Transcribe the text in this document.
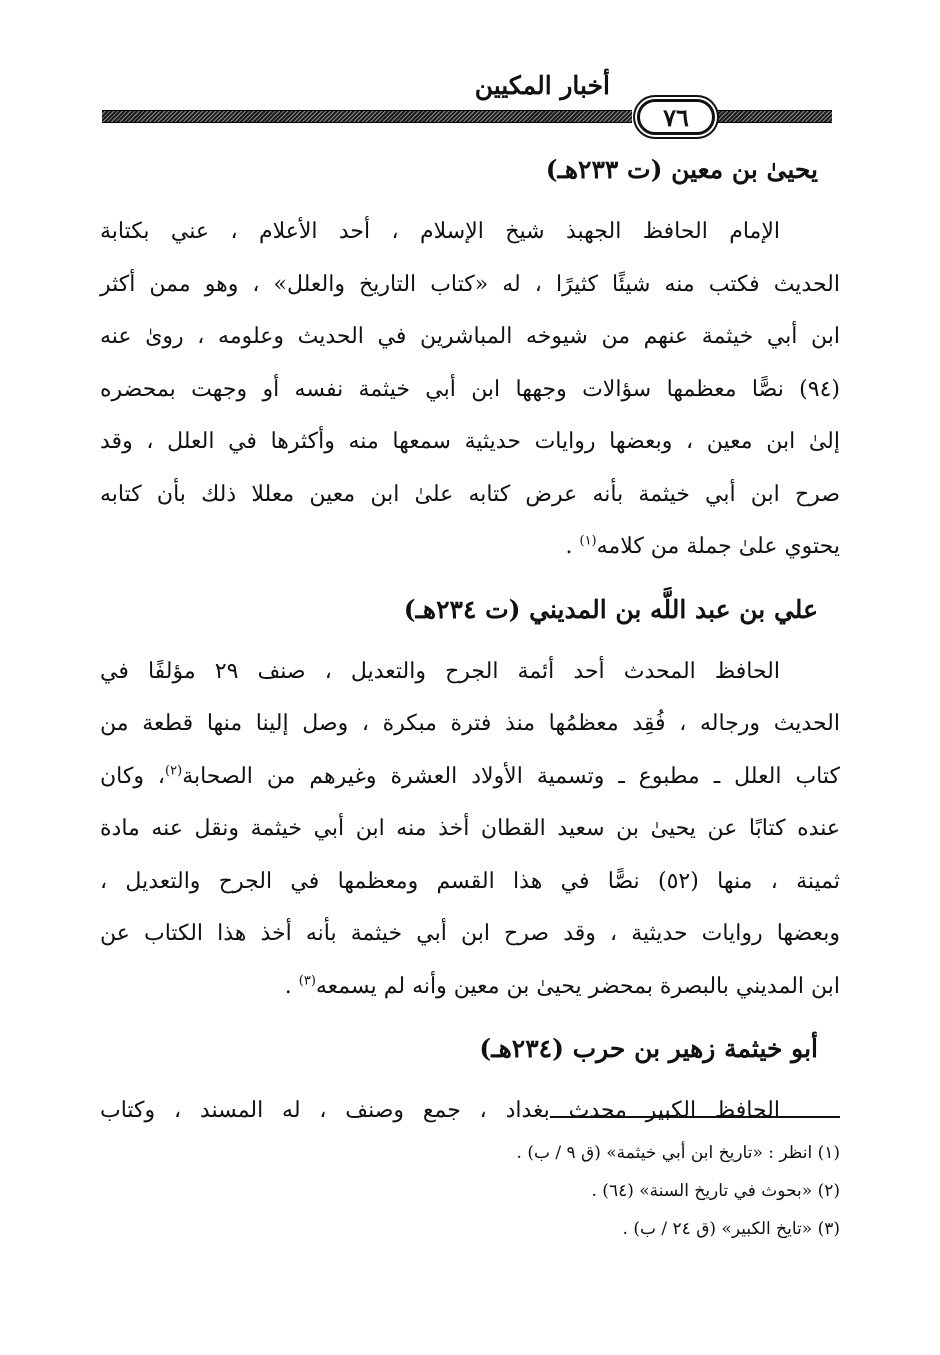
أخبار المكيين
٧٦
يحيىٰ بن معين (ت ٢٣٣هـ)

الإمام الحافظ الجهبذ شيخ الإسلام ، أحد الأعلام ، عني بكتابة
الحديث فكتب منه شيئًا كثيرًا ، له «كتاب التاريخ والعلل» ، وهو ممن أكثر
ابن أبي خيثمة عنهم من شيوخه المباشرين في الحديث وعلومه ، روىٰ عنه
(٩٤) نصًّا معظمها سؤالات وجهها ابن أبي خيثمة نفسه أو وجهت بمحضره
إلىٰ ابن معين ، وبعضها روايات حديثية سمعها منه وأكثرها في العلل ، وقد
صرح ابن أبي خيثمة بأنه عرض كتابه علىٰ ابن معين معللا ذلك بأن كتابه
يحتوي علىٰ جملة من كلامه$^{(١)}$ .

علي بن عبد اللَّه بن المديني (ت ٢٣٤هـ)

الحافظ المحدث أحد أئمة الجرح والتعديل ، صنف ٢٩ مؤلفًا في
الحديث ورجاله ، فُقِد معظمُها منذ فترة مبكرة ، وصل إلينا منها قطعة من
كتاب العلل ـ مطبوع ـ وتسمية الأولاد العشرة وغيرهم من الصحابة$^{(٢)}$، وكان
عنده كتابًا عن يحيىٰ بن سعيد القطان أخذ منه ابن أبي خيثمة ونقل عنه مادة
ثمينة ، منها (٥٢) نصًّا في هذا القسم ومعظمها في الجرح والتعديل ،
وبعضها روايات حديثية ، وقد صرح ابن أبي خيثمة بأنه أخذ هذا الكتاب عن
ابن المديني بالبصرة بمحضر يحيىٰ بن معين وأنه لم يسمعه$^{(٣)}$ .

أبو خيثمة زهير بن حرب (٢٣٤هـ)

الحافظ الكبير محدث بغداد ، جمع وصنف ، له المسند ، وكتاب

(١) انظر : «تاريخ ابن أبي خيثمة» (ق ٩ / ب) .
(٢) «بحوث في تاريخ السنة» (٦٤) .
(٣) «تايخ الكبير» (ق ٢٤ / ب) .
